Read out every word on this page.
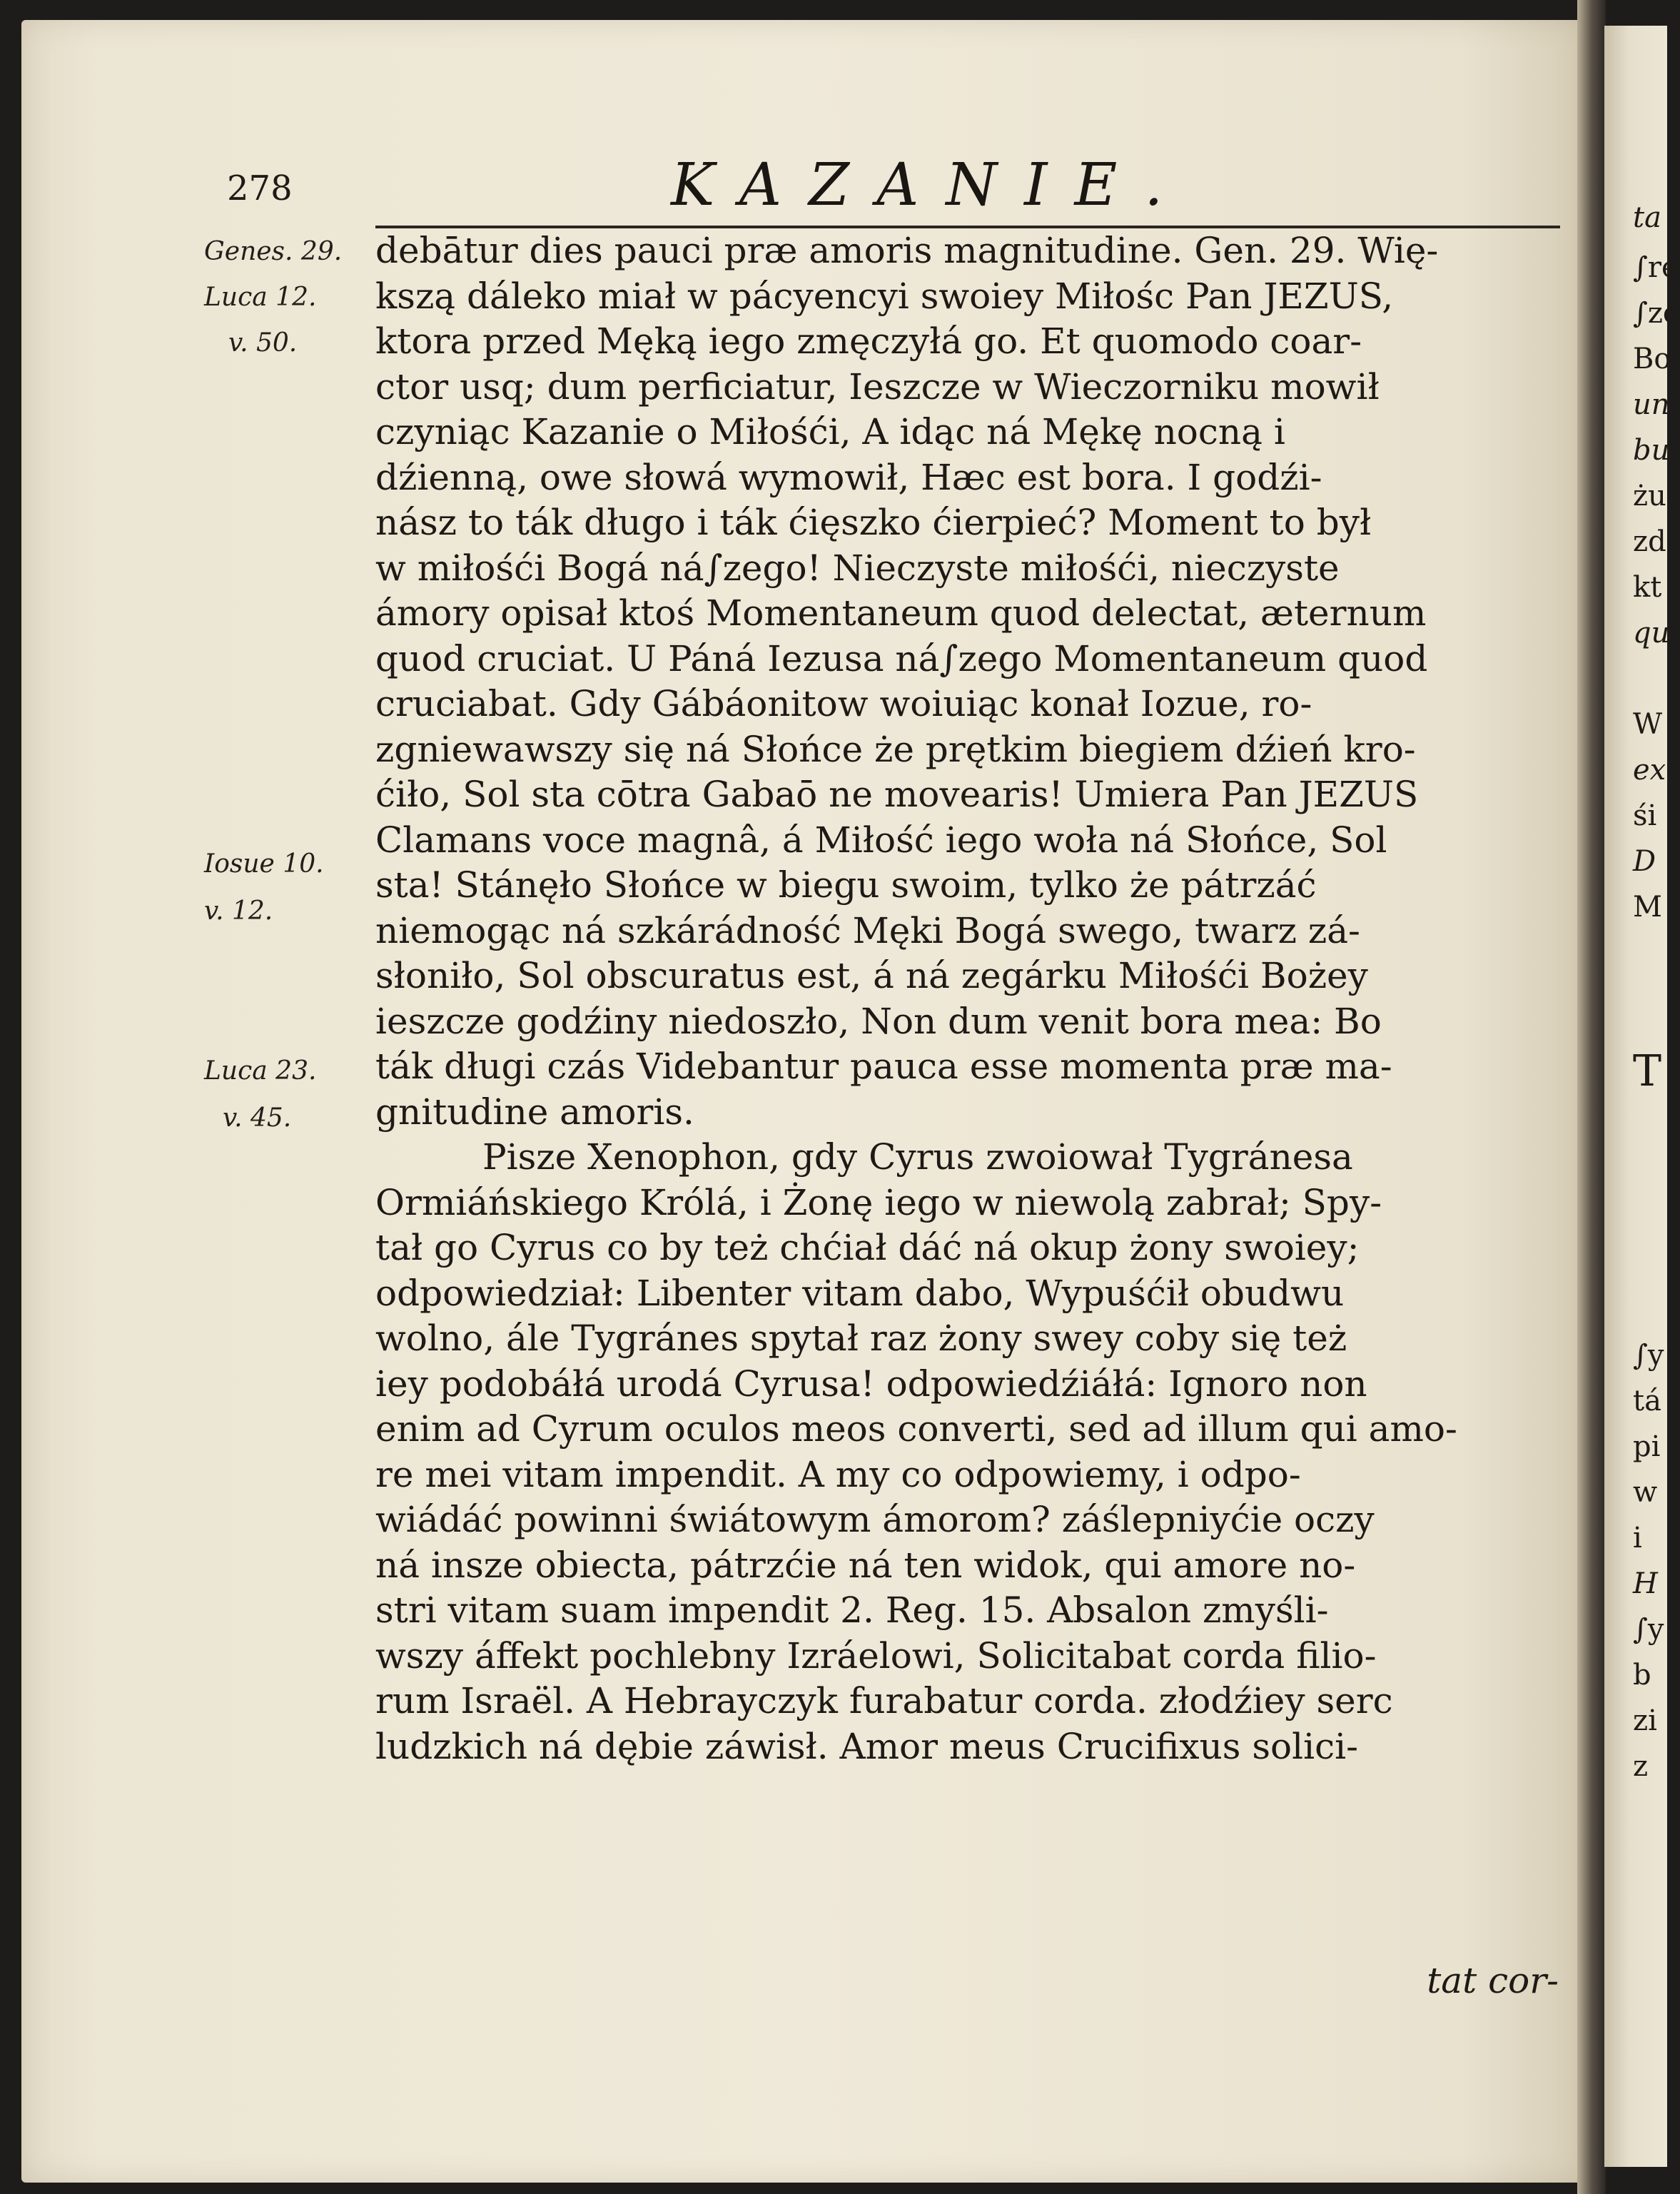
278	KAZANIE.
Genes. 29.
Luca 12.
v. 50.
Iosue 10.
v. 12.
Luca 23.
v. 45.
debātur dies pauci præ amoris magnitudine. Gen. 29. Wię-
kszą dáleko miał w pácyencyi swoiey Miłośc Pan JEZUS,
ktora przed Męką iego zmęczyłá go. Et quomodo coar-
ctor usq; dum perficiatur, Ieszcze w Wieczorniku mowił
czyniąc Kazanie o Miłośći, A idąc ná Mękę nocną i
dźienną, owe słowá wymowił, Hæc est bora. I godźi-
nász to ták długo i ták ćięszko ćierpieć? Moment to był
w miłośći Bogá ná∫zego! Nieczyste miłośći, nieczyste
ámory opisał ktoś Momentaneum quod delectat, æternum
quod cruciat. U Páná Iezusa ná∫zego Momentaneum quod
cruciabat. Gdy Gábáonitow woiuiąc konał Iozue, ro-
zgniewawszy się ná Słońce że prętkim biegiem dźień kro-
ćiło, Sol sta cōtra Gabaō ne movearis! Umiera Pan JEZUS
Clamans voce magnâ, á Miłość iego woła ná Słońce, Sol
sta! Stánęło Słońce w biegu swoim, tylko że pátrzáć
niemogąc ná szkárádność Męki Bogá swego, twarz zá-
słoniło, Sol obscuratus est, á ná zegárku Miłośći Bożey
ieszcze godźiny niedoszło, Non dum venit bora mea: Bo
ták długi czás Videbantur pauca esse momenta præ ma-
gnitudine amoris.
Pisze Xenophon, gdy Cyrus zwoiował Tygránesa
Ormiáńskiego Królá, i Żonę iego w niewolą zabrał; Spy-
tał go Cyrus co by też chćiał dáć ná okup żony swoiey;
odpowiedział: Libenter vitam dabo, Wypuśćił obudwu
wolno, ále Tygránes spytał raz żony swey coby się też
iey podobáłá urodá Cyrusa! odpowiedźiáłá: Ignoro non
enim ad Cyrum oculos meos converti, sed ad illum qui amo-
re mei vitam impendit. A my co odpowiemy, i odpo-
wiádáć powinni świátowym ámorom? záślepniyćie oczy
ná insze obiecta, pátrzćie ná ten widok, qui amore no-
stri vitam suam impendit 2. Reg. 15. Absalon zmyśli-
wszy áffekt pochlebny Izráelowi, Solicitabat corda filio-
rum Israël. A Hebrayczyk furabatur corda. złodźiey serc
ludzkich ná dębie záwisł. Amor meus Crucifixus solici-
tat cor-
ta
∫re
∫ze
Bo
un
bu
żu
zd
kt
qu
W
ex
śi
D
M
T
∫y
tá
pi
w
i
H
∫y
b
zi
z
